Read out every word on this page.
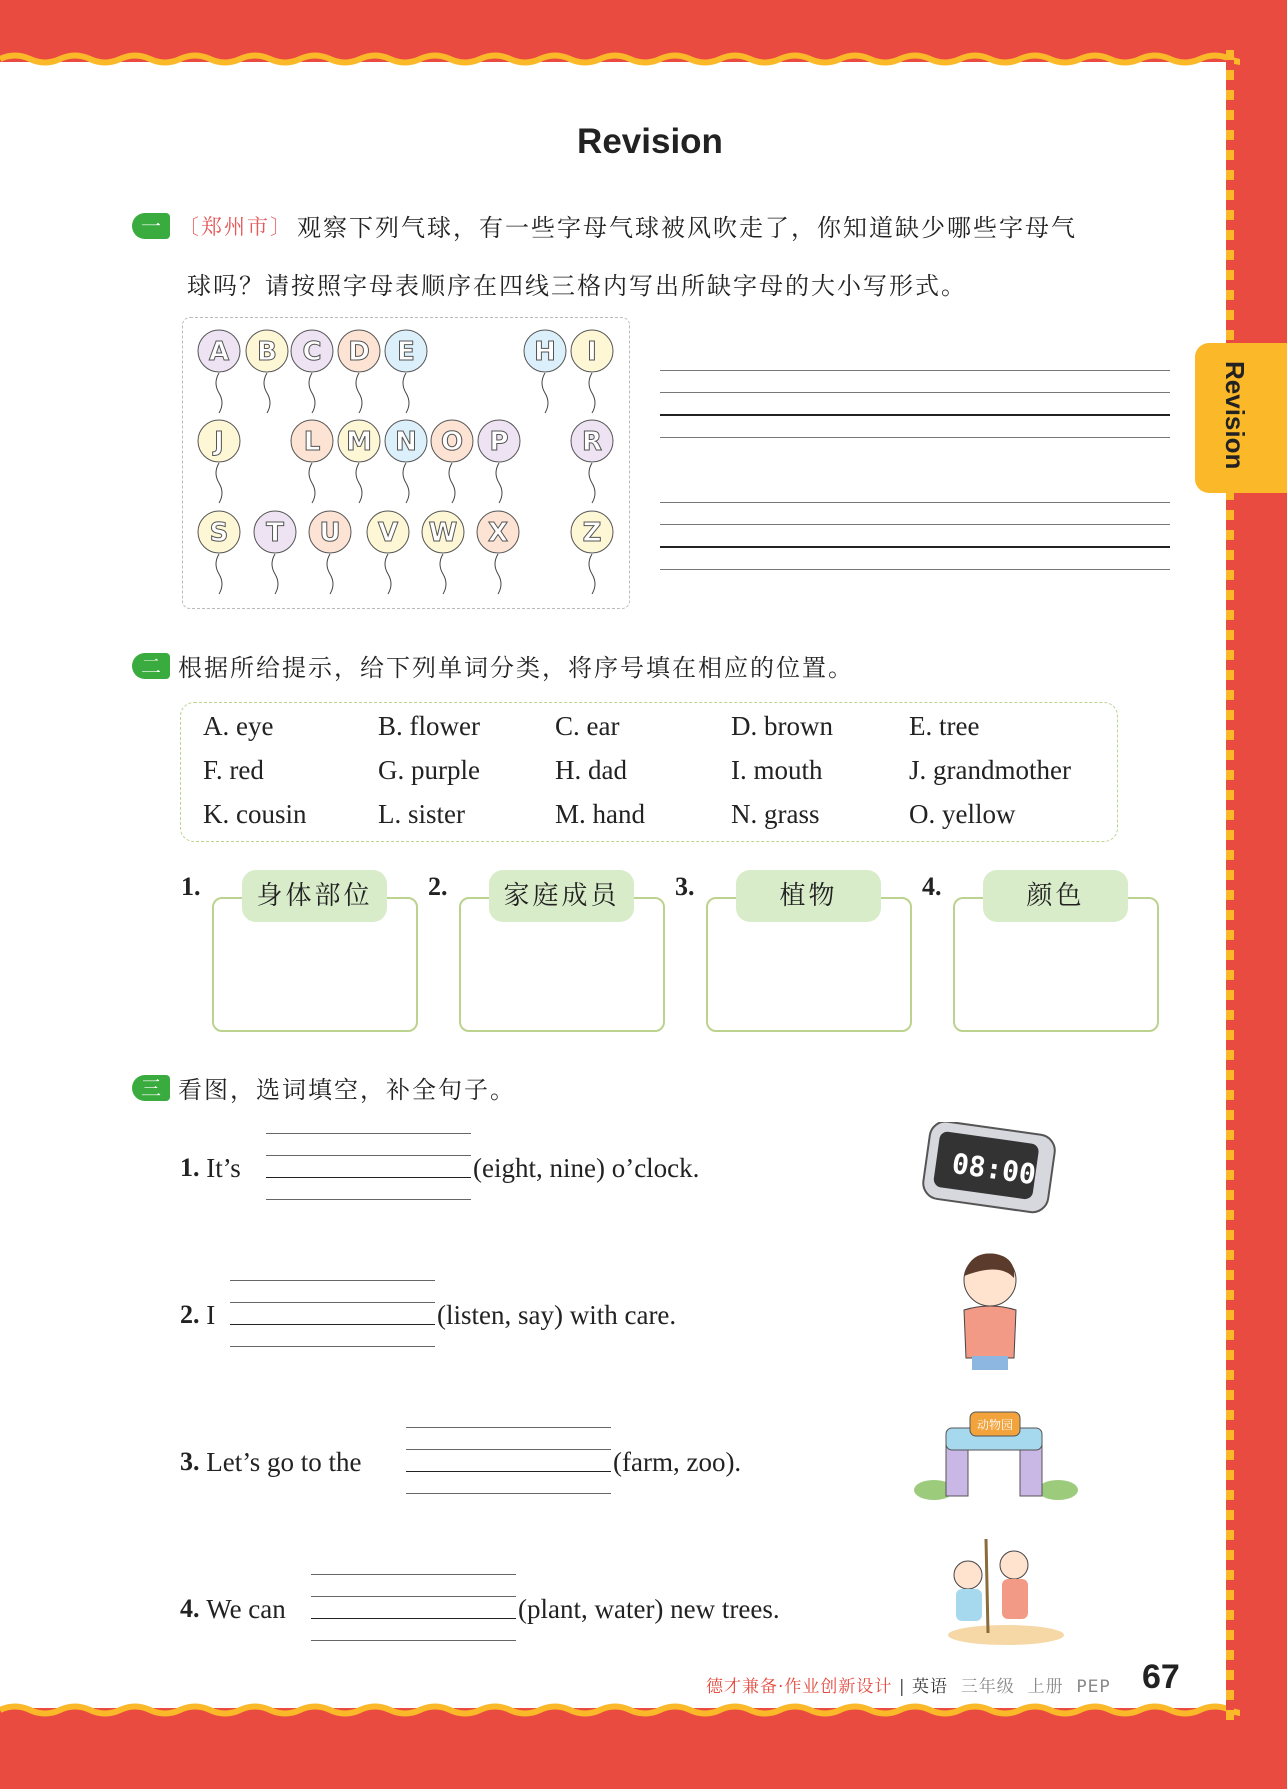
Revision
Revision
一 〔郑州市〕 观察下列气球，有一些字母气球被风吹走了，你知道缺少哪些字母气
球吗？请按照字母表顺序在四线三格内写出所缺字母的大小写形式。
A B C D E	H I
J	L M N O P	R
S T U V W X	Z
二 根据所给提示，给下列单词分类，将序号填在相应的位置。
A. eye	B. flower	C. ear	D. brown	E. tree
F. red	G. purple	H. dad	I. mouth	J. grandmother
K. cousin	L. sister	M. hand	N. grass	O. yellow
1.	身体部位	2.	家庭成员	3.	植物	4.	颜色
三 看图，选词填空，补全句子。
1.
It’s	(eight, nine) o’clock.
2.
I	(listen, say) with care.
3.
Let’s go to the	(farm, zoo).
4.
We can	(plant, water) new trees.
08:00
动物园
德才兼备·作业创新设计 | 英语 三年级 上册 PEP 67
